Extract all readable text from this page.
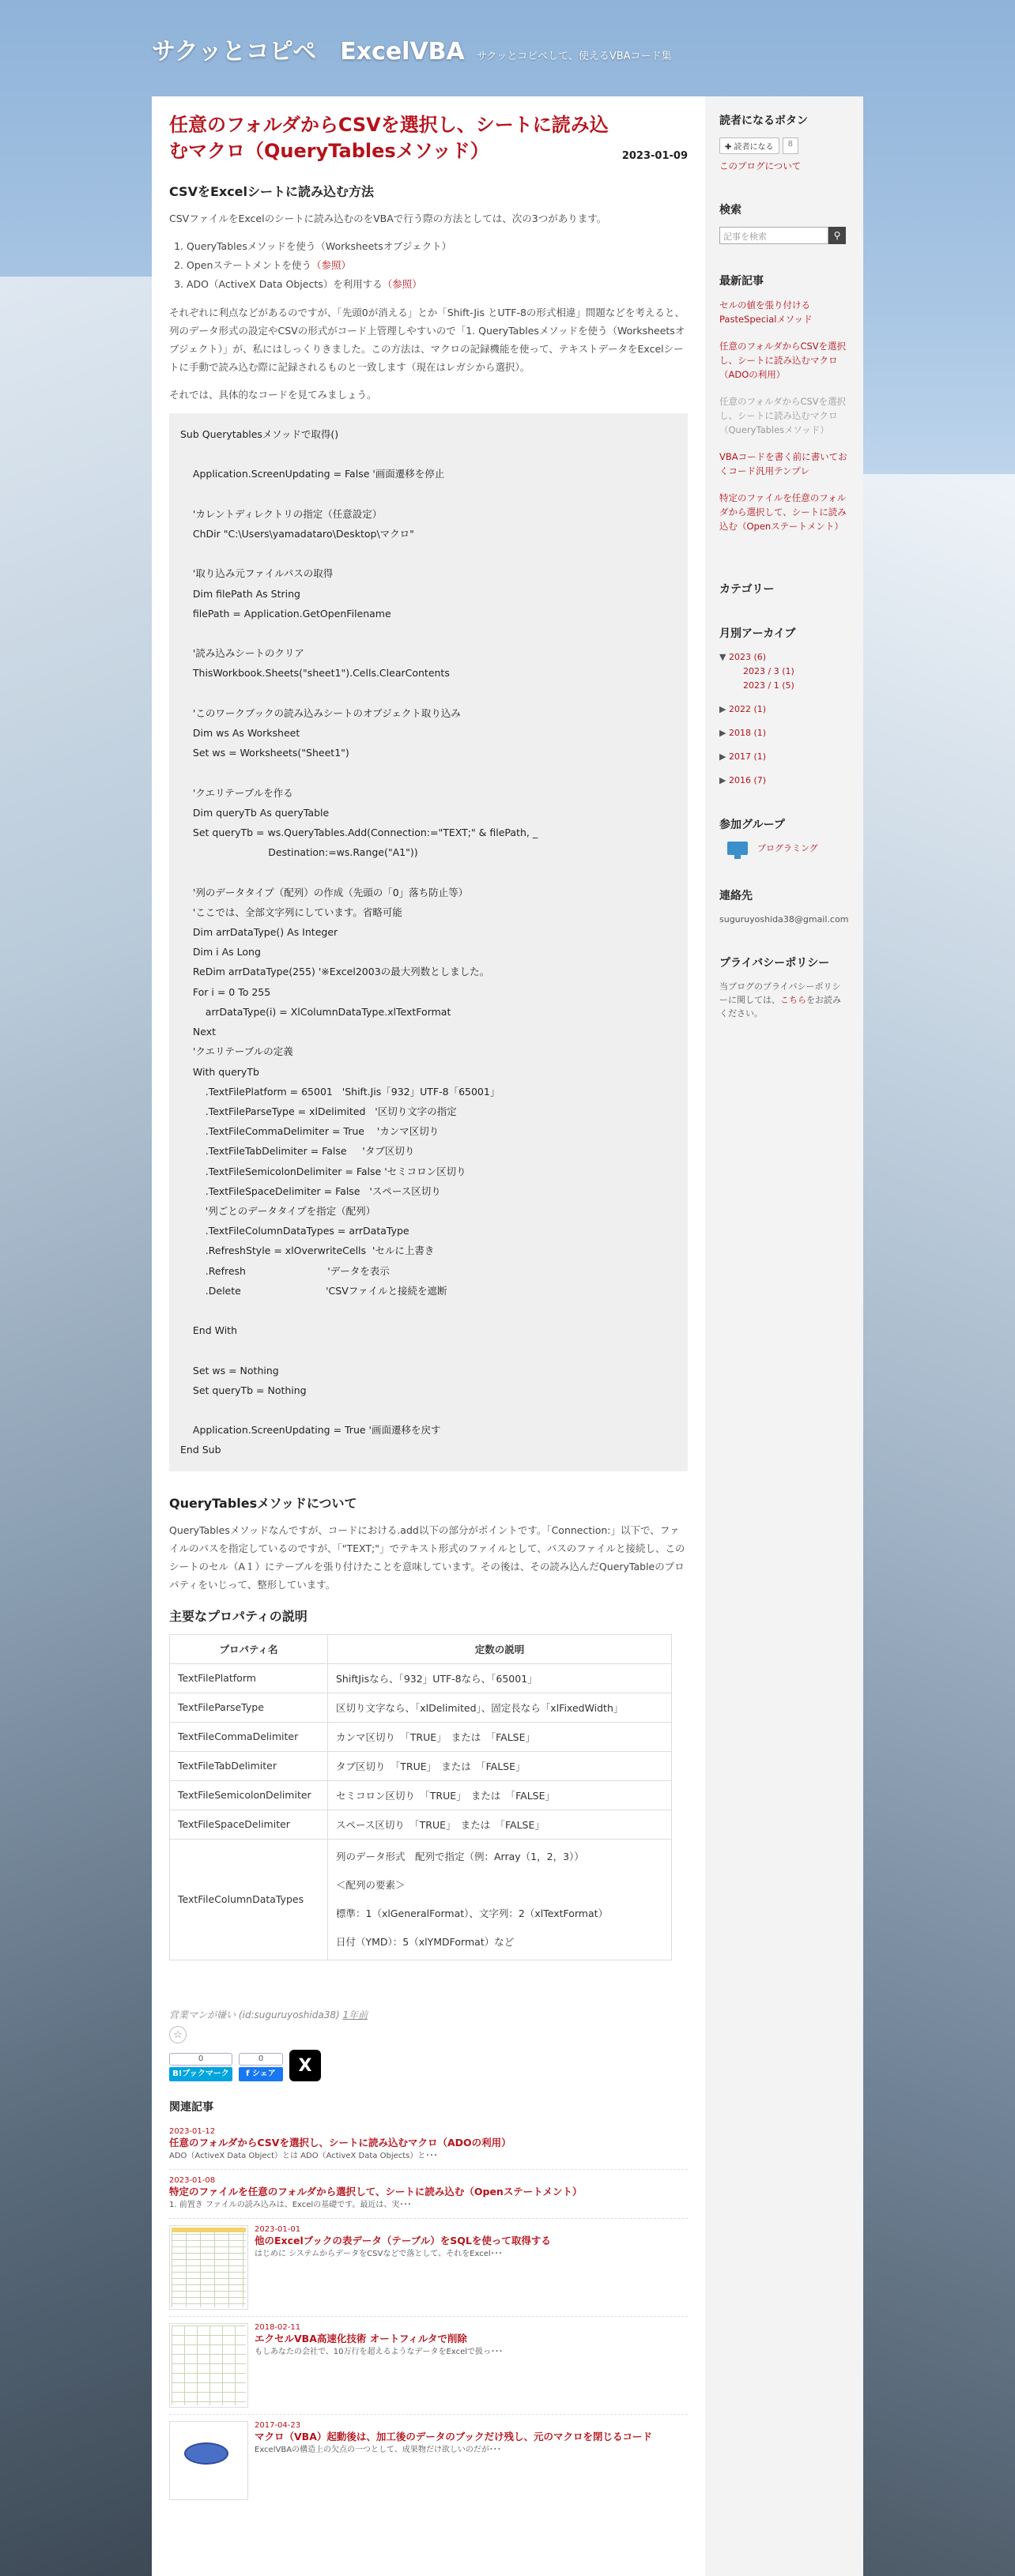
サクッとコピペ　ExcelVBA サクッとコピペして、使えるVBAコード集
任意のフォルダからCSVを選択し、シートに読み込むマクロ（QueryTablesメソッド）	2023-01-09
CSVをExcelシートに読み込む方法

CSVファイルをExcelのシートに読み込むのをVBAで行う際の方法としては、次の3つがあります。

1. QueryTablesメソッドを使う（Worksheetsオブジェクト）
2. Openステートメントを使う（参照）
3. ADO（ActiveX Data Objects）を利用する（参照）

それぞれに利点などがあるのですが、「先頭0が消える」とか「Shift-Jis とUTF-8の形式相違」問題などを考えると、列のデータ形式の設定やCSVの形式がコード上管理しやすいので「1. QueryTablesメソッドを使う（Worksheetsオブジェクト）」が、私にはしっくりきました。この方法は、マクロの記録機能を使って、テキストデータをExcelシートに手動で読み込む際に記録されるものと一致します（現在はレガシから選択）。

それでは、具体的なコードを見てみましょう。

Sub Querytablesメソッドで取得()

Application.ScreenUpdating = False '画面遷移を停止

'カレントディレクトリの指定（任意設定）
ChDir "C:\Users\yamadatarо\Desktop\マクロ"

'取り込み元ファイルパスの取得
Dim filePath As String
filePath = Application.GetOpenFilename

'読み込みシートのクリア
ThisWorkbook.Sheets("sheet1").Cells.ClearContents

'このワークブックの読み込みシートのオブジェクト取り込み
Dim ws As Worksheet
Set ws = Worksheets("Sheet1")

'クエリテーブルを作る
Dim queryTb As queryTable
Set queryTb = ws.QueryTables.Add(Connection:="TEXT;" & filePath, _
Destination:=ws.Range("A1"))

'列のデータタイプ（配列）の作成（先頭の「0」落ち防止等）
'ここでは、全部文字列にしています。省略可能
Dim arrDataType() As Integer
Dim i As Long
ReDim arrDataType(255) '※Excel2003の最大列数としました。
For i = 0 To 255
arrDataType(i) = XlColumnDataType.xlTextFormat
Next
'クエリテーブルの定義
With queryTb
.TextFilePlatform = 65001   'Shift.Jis「932」UTF-8「65001」
.TextFileParseType = xlDelimited   '区切り文字の指定
.TextFileCommaDelimiter = True    'カンマ区切り
.TextFileTabDelimiter = False     'タブ区切り
.TextFileSemicolonDelimiter = False 'セミコロン区切り
.TextFileSpaceDelimiter = False   'スペース区切り
'列ごとのデータタイプを指定（配列）
.TextFileColumnDataTypes = arrDataType
.RefreshStyle = xlOverwriteCells  'セルに上書き
.Refresh                          'データを表示
.Delete                           'CSVファイルと接続を遮断

End With

Set ws = Nothing
Set queryTb = Nothing

Application.ScreenUpdating = True '画面遷移を戻す
End Sub
QueryTablesメソッドについて

QueryTablesメソッドなんですが、コードにおける.add以下の部分がポイントです。「Connection:」以下で、ファイルのパスを指定しているのですが、「"TEXT;"」でテキスト形式のファイルとして、パスのファイルと接続し、このシートのセル（A１）にテーブルを張り付けたことを意味しています。その後は、その読み込んだQueryTableのプロパティをいじって、整形しています。

主要なプロパティの説明
プロパティ名	定数の説明
TextFilePlatform	ShiftJisなら、「932」UTF-8なら、「65001」
TextFileParseType	区切り文字なら、「xlDelimited」、固定長なら「xlFixedWidth」
TextFileCommaDelimiter	カンマ区切り　「TRUE」　または　「FALSE」
TextFileTabDelimiter	タブ区切り　「TRUE」　または　「FALSE」
TextFileSemicolonDelimiter	セミコロン区切り　「TRUE」　または　「FALSE」
TextFileSpaceDelimiter	スペース区切り　「TRUE」　または　「FALSE」
TextFileColumnDataTypes	列のデータ形式　配列で指定（例：Array（1，2，3））
＜配列の要素＞
標準：1（xlGeneralFormat）、文字列：2（xlTextFormat）
日付（YMD）：5（xlYMDFormat）など
営業マンが嫌い (id:suguruyoshida38) 1年前
☆
0
B!ブックマーク
0
f シェア	X
関連記事
2023-01-12
任意のフォルダからCSVを選択し、シートに読み込むマクロ（ADOの利用）
ADO（ActiveX Data Object）とは ADO（ActiveX Data Objects）と･･･
2023-01-08
特定のファイルを任意のフォルダから選択して、シートに読み込む（Openステートメント）
1. 前置き ファイルの読み込みは、Excelの基礎です。最近は、実･･･
2023-01-01
他のExcelブックの表データ（テーブル）をSQLを使って取得する
はじめに システムからデータをCSVなどで落として、それをExcel･･･
2018-02-11
エクセルVBA高速化技術 オートフィルタで削除
もしあなたの会社で、10万行を超えるようなデータをExcelで扱っ･･･
2017-04-23
マクロ（VBA）起動後は、加工後のデータのブックだけ残し、元のマクロを閉じるコード
ExcelVBAの構造上の欠点の一つとして、成果物だけ欲しいのだが･･･
読者になるボタン
✚ 読者になる	8
このブログについて
検索
記事を検索	⚲
最新記事
セルの値を張り付けるPasteSpecialメソッド
任意のフォルダからCSVを選択し、シートに読み込むマクロ（ADOの利用）
任意のフォルダからCSVを選択し、シートに読み込むマクロ（QueryTablesメソッド）
VBAコードを書く前に書いておくコード汎用テンプレ
特定のファイルを任意のフォルダから選択して、シートに読み込む（Openステートメント）
カテゴリー
月別アーカイブ
▼ 2023 (6)
2023 / 3 (1)
2023 / 1 (5)
▶ 2022 (1)
▶ 2018 (1)
▶ 2017 (1)
▶ 2016 (7)
参加グループ
プログラミング
連絡先
suguruyoshida38@gmail.com
プライバシーポリシー
当ブログのプライバシーポリシーに関しては、こちらをお読みください。
